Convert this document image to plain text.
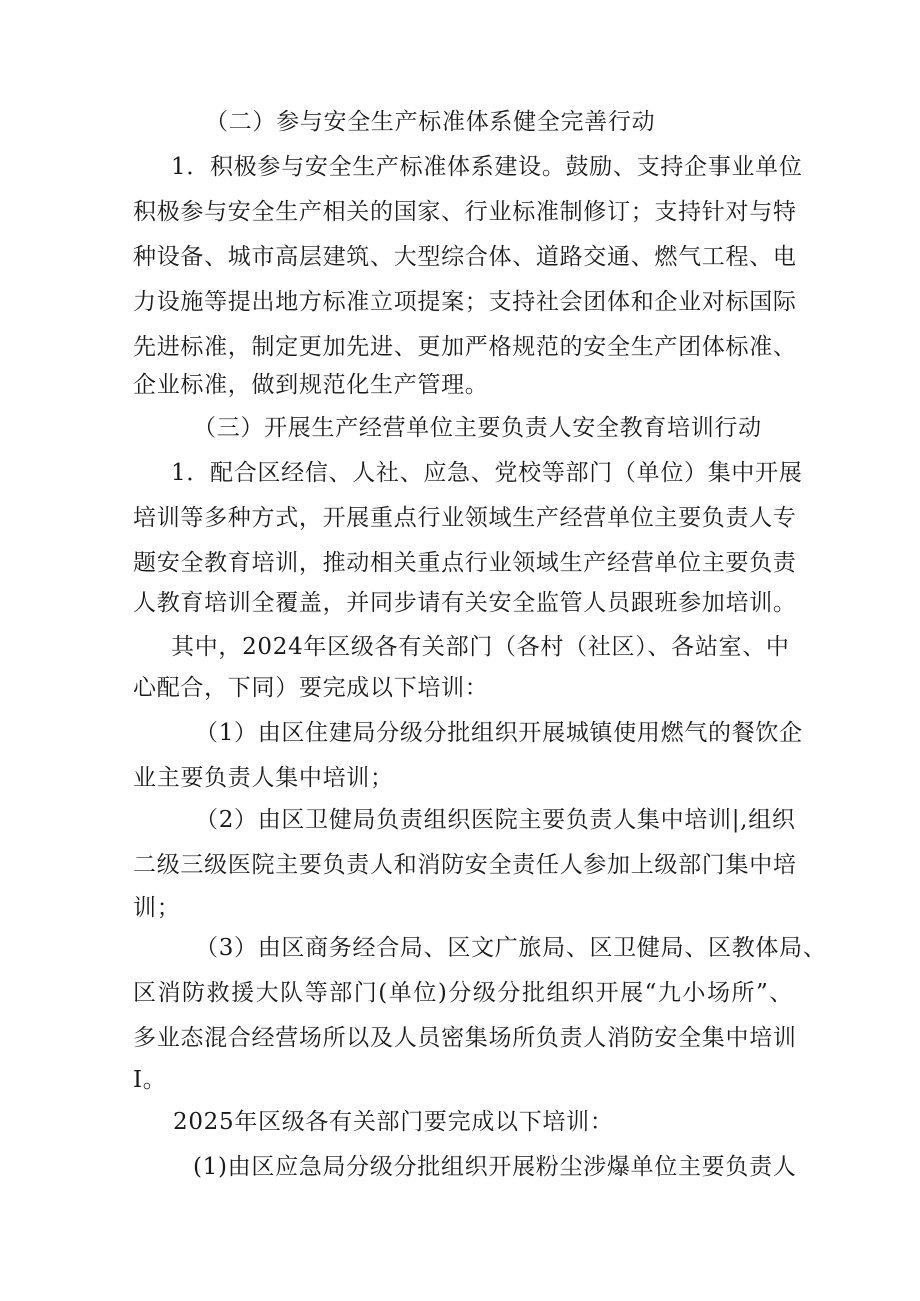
（二）参与安全生产标准体系健全完善行动
1．积极参与安全生产标准体系建设。鼓励、支持企事业单位
积极参与安全生产相关的国家、行业标准制修订；支持针对与特
种设备、城市高层建筑、大型综合体、道路交通、燃气工程、电
力设施等提出地方标准立项提案；支持社会团体和企业对标国际
先进标准，制定更加先进、更加严格规范的安全生产团体标准、
企业标准，做到规范化生产管理。
（三）开展生产经营单位主要负责人安全教育培训行动
1．配合区经信、人社、应急、党校等部门（单位）集中开展
培训等多种方式，开展重点行业领域生产经营单位主要负责人专
题安全教育培训，推动相关重点行业领域生产经营单位主要负责
人教育培训全覆盖，并同步请有关安全监管人员跟班参加培训。
其中，2024年区级各有关部门（各村（社区）、各站室、中
心配合，下同）要完成以下培训：
（1）由区住建局分级分批组织开展城镇使用燃气的餐饮企
业主要负责人集中培训；
（2）由区卫健局负责组织医院主要负责人集中培训|,组织
二级三级医院主要负责人和消防安全责任人参加上级部门集中培
训；
（3）由区商务经合局、区文广旅局、区卫健局、区教体局、
区消防救援大队等部门(单位)分级分批组织开展“九小场所”、
多业态混合经营场所以及人员密集场所负责人消防安全集中培训
I。
2025年区级各有关部门要完成以下培训：
(1)由区应急局分级分批组织开展粉尘涉爆单位主要负责人
